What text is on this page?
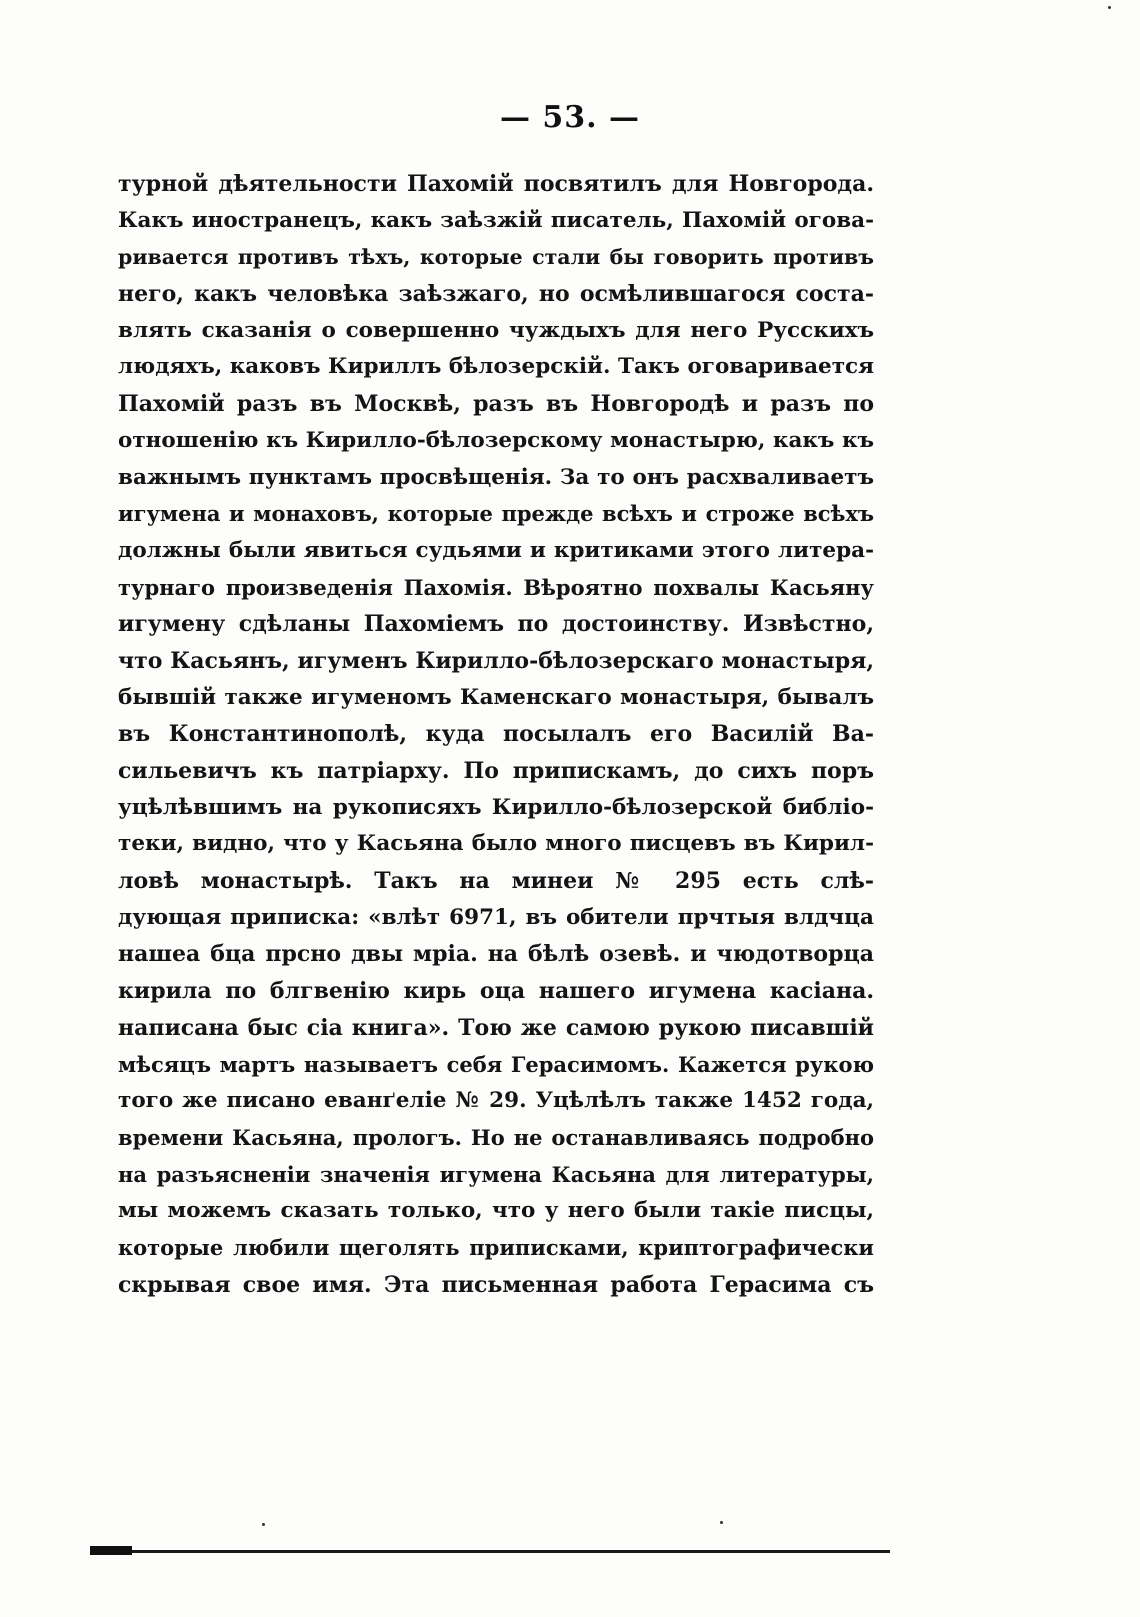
— 53. —
турной дѣятельности Пахомій посвятилъ для Новгорода.
Какъ иностранецъ, какъ заѣзжій писатель, Пахомій огова-
ривается противъ тѣхъ, которые стали бы говорить противъ
него, какъ человѣка заѣзжаго, но осмѣлившагося соста-
влять сказанія о совершенно чуждыхъ для него Русскихъ
людяхъ, каковъ Кириллъ бѣлозерскій. Такъ оговаривается
Пахомій разъ въ Москвѣ, разъ въ Новгородѣ и разъ по
отношенію къ Кирилло-бѣлозерскому монастырю, какъ къ
важнымъ пунктамъ просвѣщенія. За то онъ расхваливаетъ
игумена и монаховъ, которые прежде всѣхъ и строже всѣхъ
должны были явиться судьями и критиками этого литера-
турнаго произведенія Пахомія. Вѣроятно похвалы Касьяну
игумену сдѣланы Пахоміемъ по достоинству. Извѣстно,
что Касьянъ, игуменъ Кирилло-бѣлозерскаго монастыря,
бывшій также игуменомъ Каменскаго монастыря, бывалъ
въ Константинополѣ, куда посылалъ его Василій Ва-
сильевичъ къ патріарху. По припискамъ, до сихъ поръ
уцѣлѣвшимъ на рукописяхъ Кирилло-бѣлозерской библіо-
теки, видно, что у Касьяна было много писцевъ въ Кирил-
ловѣ монастырѣ. Такъ на минеи № 295 есть слѣ-
дующая приписка: «влѣт 6971, въ обители прчтыя влдчца
нашеа бца прсно двы мріа. на бѣлѣ озевѣ. и чюдотворца
кирила по блгвенію кирь оца нашего игумена касіана.
написана быс сіа книга». Тою же самою рукою писавшій
мѣсяцъ мартъ называетъ себя Герасимомъ. Кажется рукою
того же писано еванґеліе № 29. Уцѣлѣлъ также 1452 года,
времени Касьяна, прологъ. Но не останавливаясь подробно
на разъясненіи значенія игумена Касьяна для литературы,
мы можемъ сказать только, что у него были такіе писцы,
которые любили щеголять приписками, криптографически
скрывая свое имя. Эта письменная работа Герасима съ
